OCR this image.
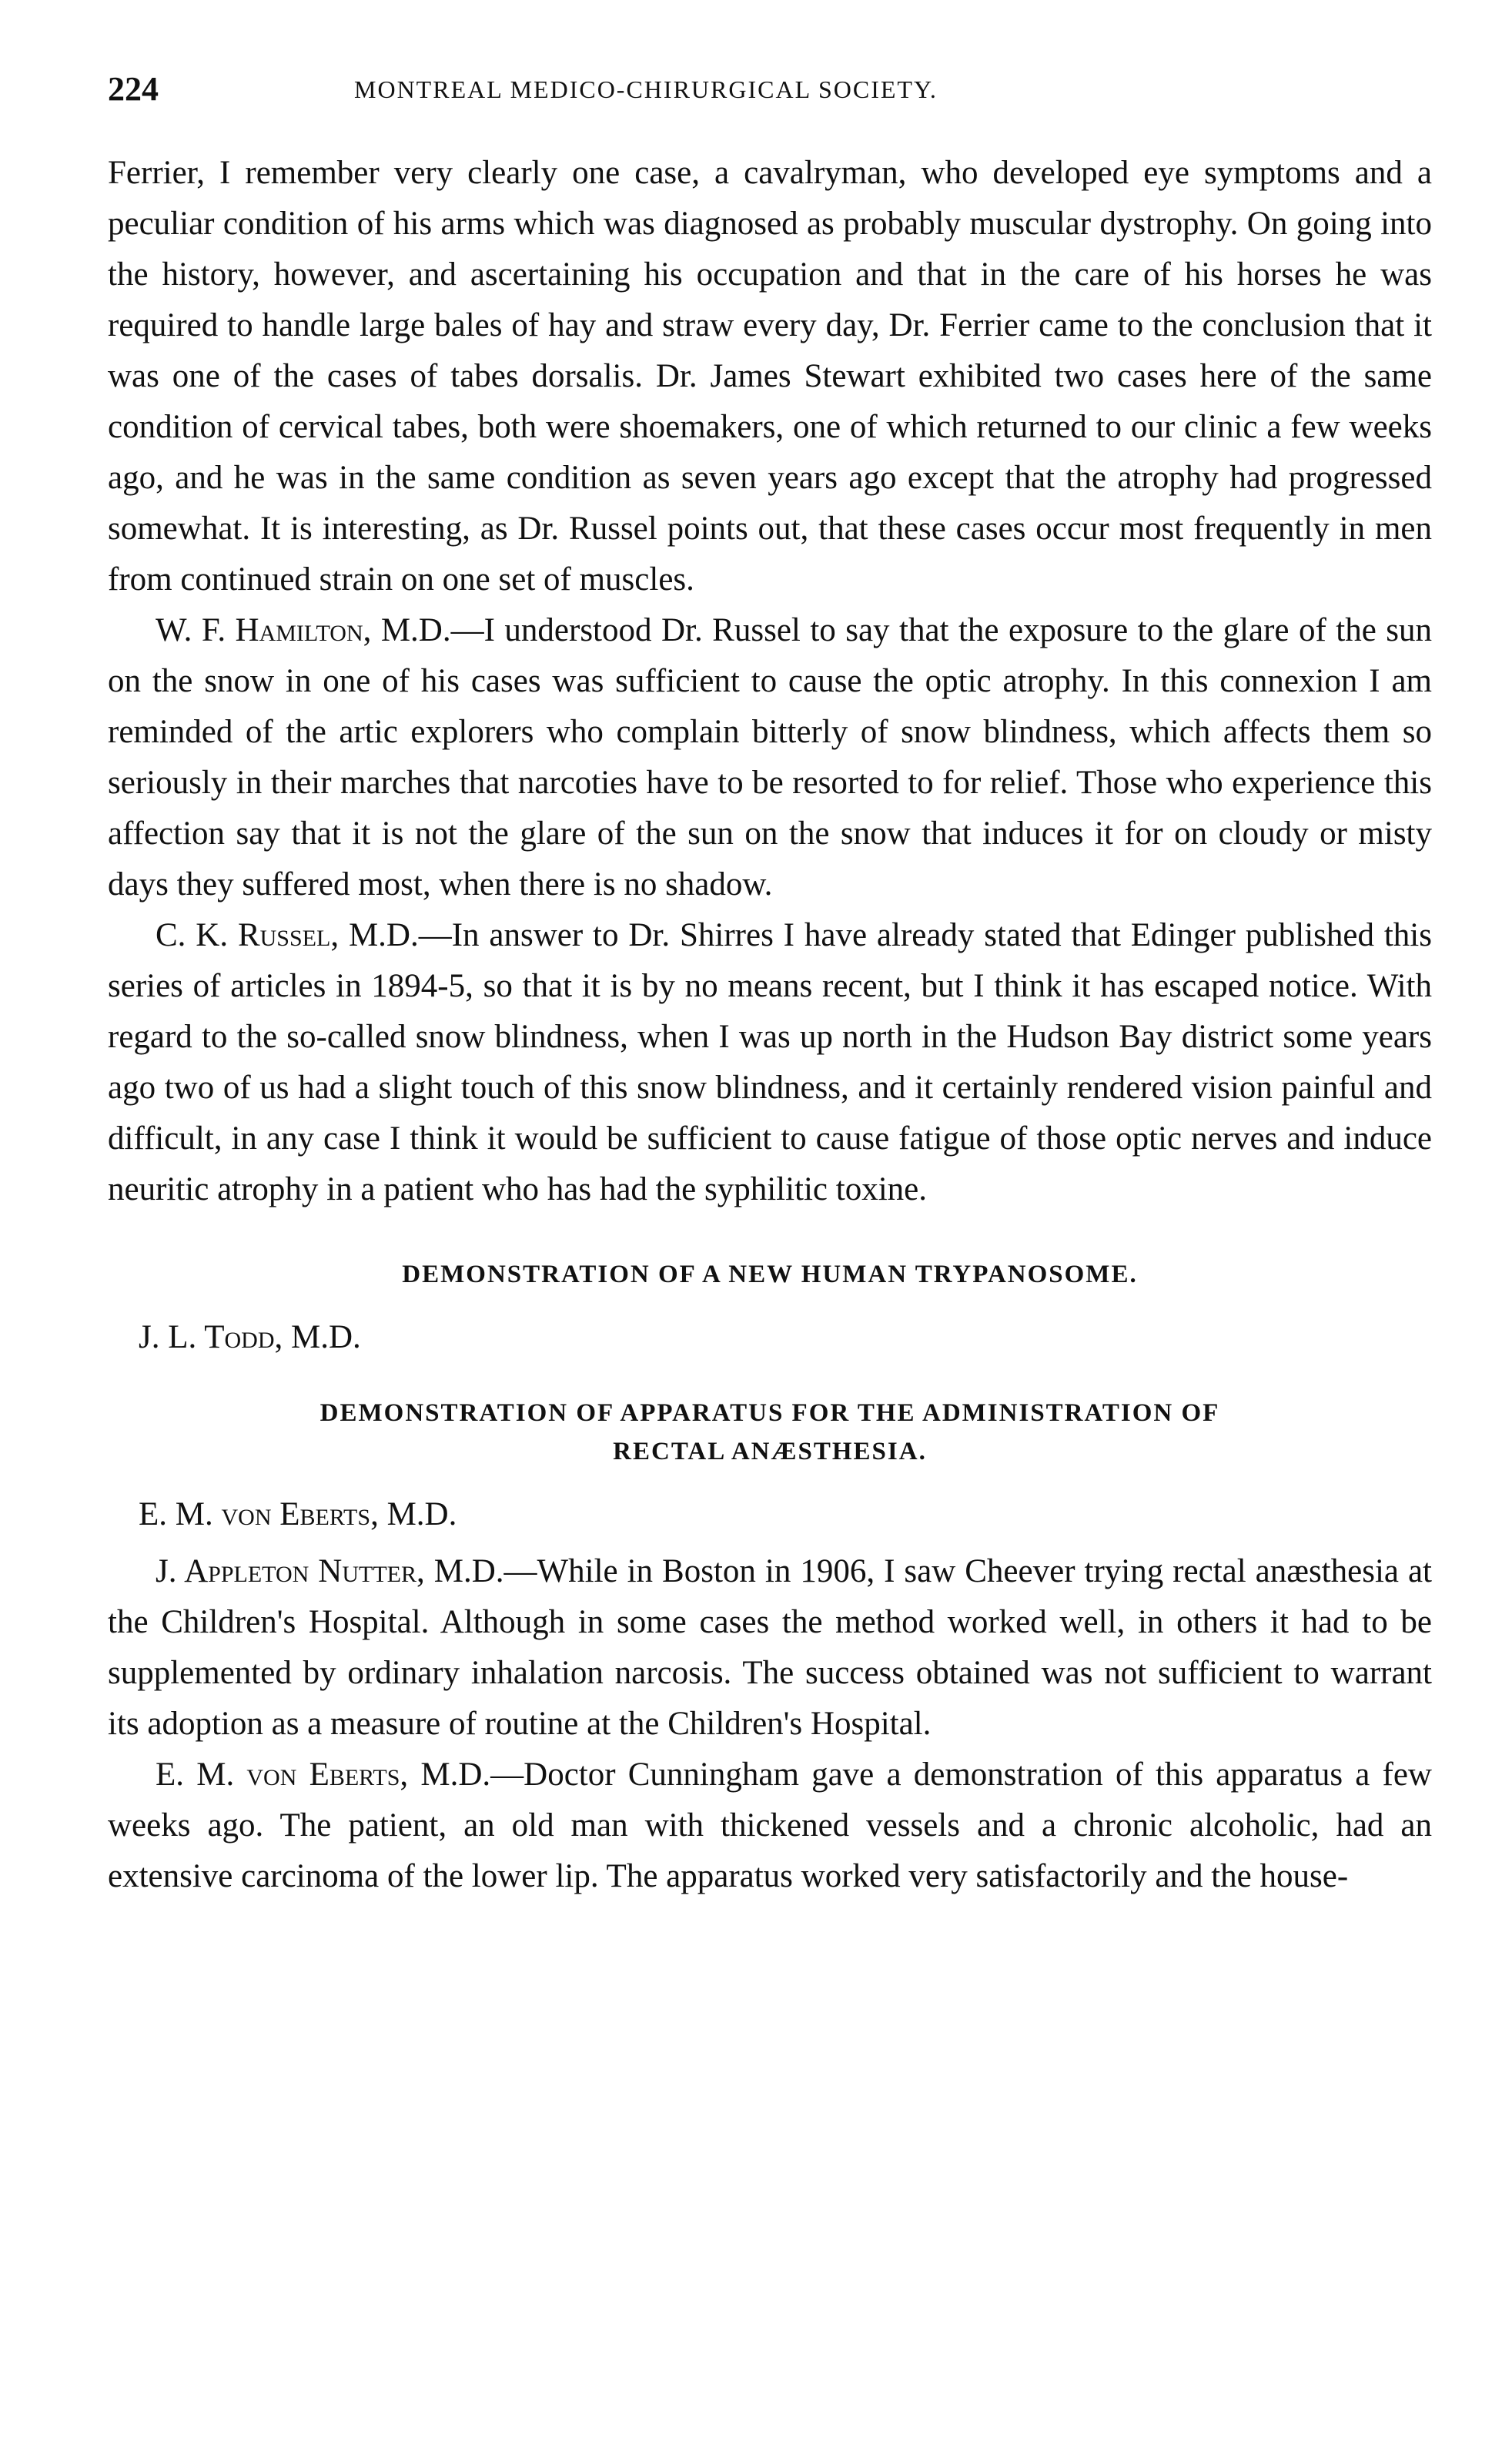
224	MONTREAL MEDICO-CHIRURGICAL SOCIETY.

Ferrier, I remember very clearly one case, a cavalryman, who developed eye symptoms and a peculiar condition of his arms which was diagnosed as probably muscular dystrophy. On going into the history, however, and ascertaining his occupation and that in the care of his horses he was required to handle large bales of hay and straw every day, Dr. Ferrier came to the conclusion that it was one of the cases of tabes dorsalis. Dr. James Stewart exhibited two cases here of the same condition of cervical tabes, both were shoemakers, one of which returned to our clinic a few weeks ago, and he was in the same condition as seven years ago except that the atrophy had progressed somewhat. It is interesting, as Dr. Russel points out, that these cases occur most frequently in men from continued strain on one set of muscles.

W. F. Hamilton, M.D.—I understood Dr. Russel to say that the exposure to the glare of the sun on the snow in one of his cases was sufficient to cause the optic atrophy. In this connexion I am reminded of the artic explorers who complain bitterly of snow blindness, which affects them so seriously in their marches that narcoties have to be resorted to for relief. Those who experience this affection say that it is not the glare of the sun on the snow that induces it for on cloudy or misty days they suffered most, when there is no shadow.

C. K. Russel, M.D.—In answer to Dr. Shirres I have already stated that Edinger published this series of articles in 1894-5, so that it is by no means recent, but I think it has escaped notice. With regard to the so-called snow blindness, when I was up north in the Hudson Bay district some years ago two of us had a slight touch of this snow blindness, and it certainly rendered vision painful and difficult, in any case I think it would be sufficient to cause fatigue of those optic nerves and induce neuritic atrophy in a patient who has had the syphilitic toxine.

DEMONSTRATION OF A NEW HUMAN TRYPANOSOME.
J. L. Todd, M.D.
DEMONSTRATION OF APPARATUS FOR THE ADMINISTRATION OF
RECTAL ANÆSTHESIA.
E. M. von Eberts, M.D.

J. Appleton Nutter, M.D.—While in Boston in 1906, I saw Cheever trying rectal anæsthesia at the Children's Hospital. Although in some cases the method worked well, in others it had to be supplemented by ordinary inhalation narcosis. The success obtained was not sufficient to warrant its adoption as a measure of routine at the Children's Hospital.

E. M. von Eberts, M.D.—Doctor Cunningham gave a demonstration of this apparatus a few weeks ago. The patient, an old man with thickened vessels and a chronic alcoholic, had an extensive carcinoma of the lower lip. The apparatus worked very satisfactorily and the house-
